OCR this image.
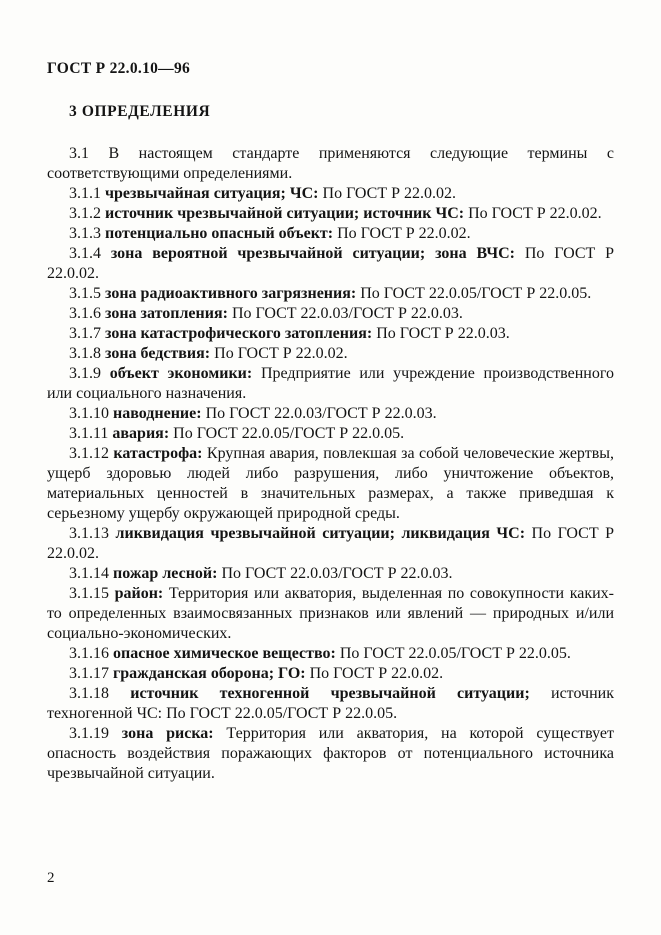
ГОСТ Р 22.0.10—96
3 ОПРЕДЕЛЕНИЯ

3.1 В настоящем стандарте применяются следующие термины с соответствующими определениями.

3.1.1 чрезвычайная ситуация; ЧС: По ГОСТ Р 22.0.02.

3.1.2 источник чрезвычайной ситуации; источник ЧС: По ГОСТ Р 22.0.02.

3.1.3 потенциально опасный объект: По ГОСТ Р 22.0.02.

3.1.4 зона вероятной чрезвычайной ситуации; зона ВЧС: По ГОСТ Р 22.0.02.

3.1.5 зона радиоактивного загрязнения: По ГОСТ 22.0.05/ГОСТ Р 22.0.05.

3.1.6 зона затопления: По ГОСТ 22.0.03/ГОСТ Р 22.0.03.

3.1.7 зона катастрофического затопления: По ГОСТ Р 22.0.03.

3.1.8 зона бедствия: По ГОСТ Р 22.0.02.

3.1.9 объект экономики: Предприятие или учреждение производственного или социального назначения.

3.1.10 наводнение: По ГОСТ 22.0.03/ГОСТ Р 22.0.03.

3.1.11 авария: По ГОСТ 22.0.05/ГОСТ Р 22.0.05.

3.1.12 катастрофа: Крупная авария, повлекшая за собой человеческие жертвы, ущерб здоровью людей либо разрушения, либо уничтожение объектов, материальных ценностей в значительных размерах, а также приведшая к серьезному ущербу окружающей природной среды.

3.1.13 ликвидация чрезвычайной ситуации; ликвидация ЧС: По ГОСТ Р 22.0.02.

3.1.14 пожар лесной: По ГОСТ 22.0.03/ГОСТ Р 22.0.03.

3.1.15 район: Территория или акватория, выделенная по совокупности каких-то определенных взаимосвязанных признаков или явлений — природных и/или социально-экономических.

3.1.16 опасное химическое вещество: По ГОСТ 22.0.05/ГОСТ Р 22.0.05.

3.1.17 гражданская оборона; ГО: По ГОСТ Р 22.0.02.

3.1.18 источник техногенной чрезвычайной ситуации; источник техногенной ЧС: По ГОСТ 22.0.05/ГОСТ Р 22.0.05.

3.1.19 зона риска: Территория или акватория, на которой существует опасность воздействия поражающих факторов от потенциального источника чрезвычайной ситуации.

2
